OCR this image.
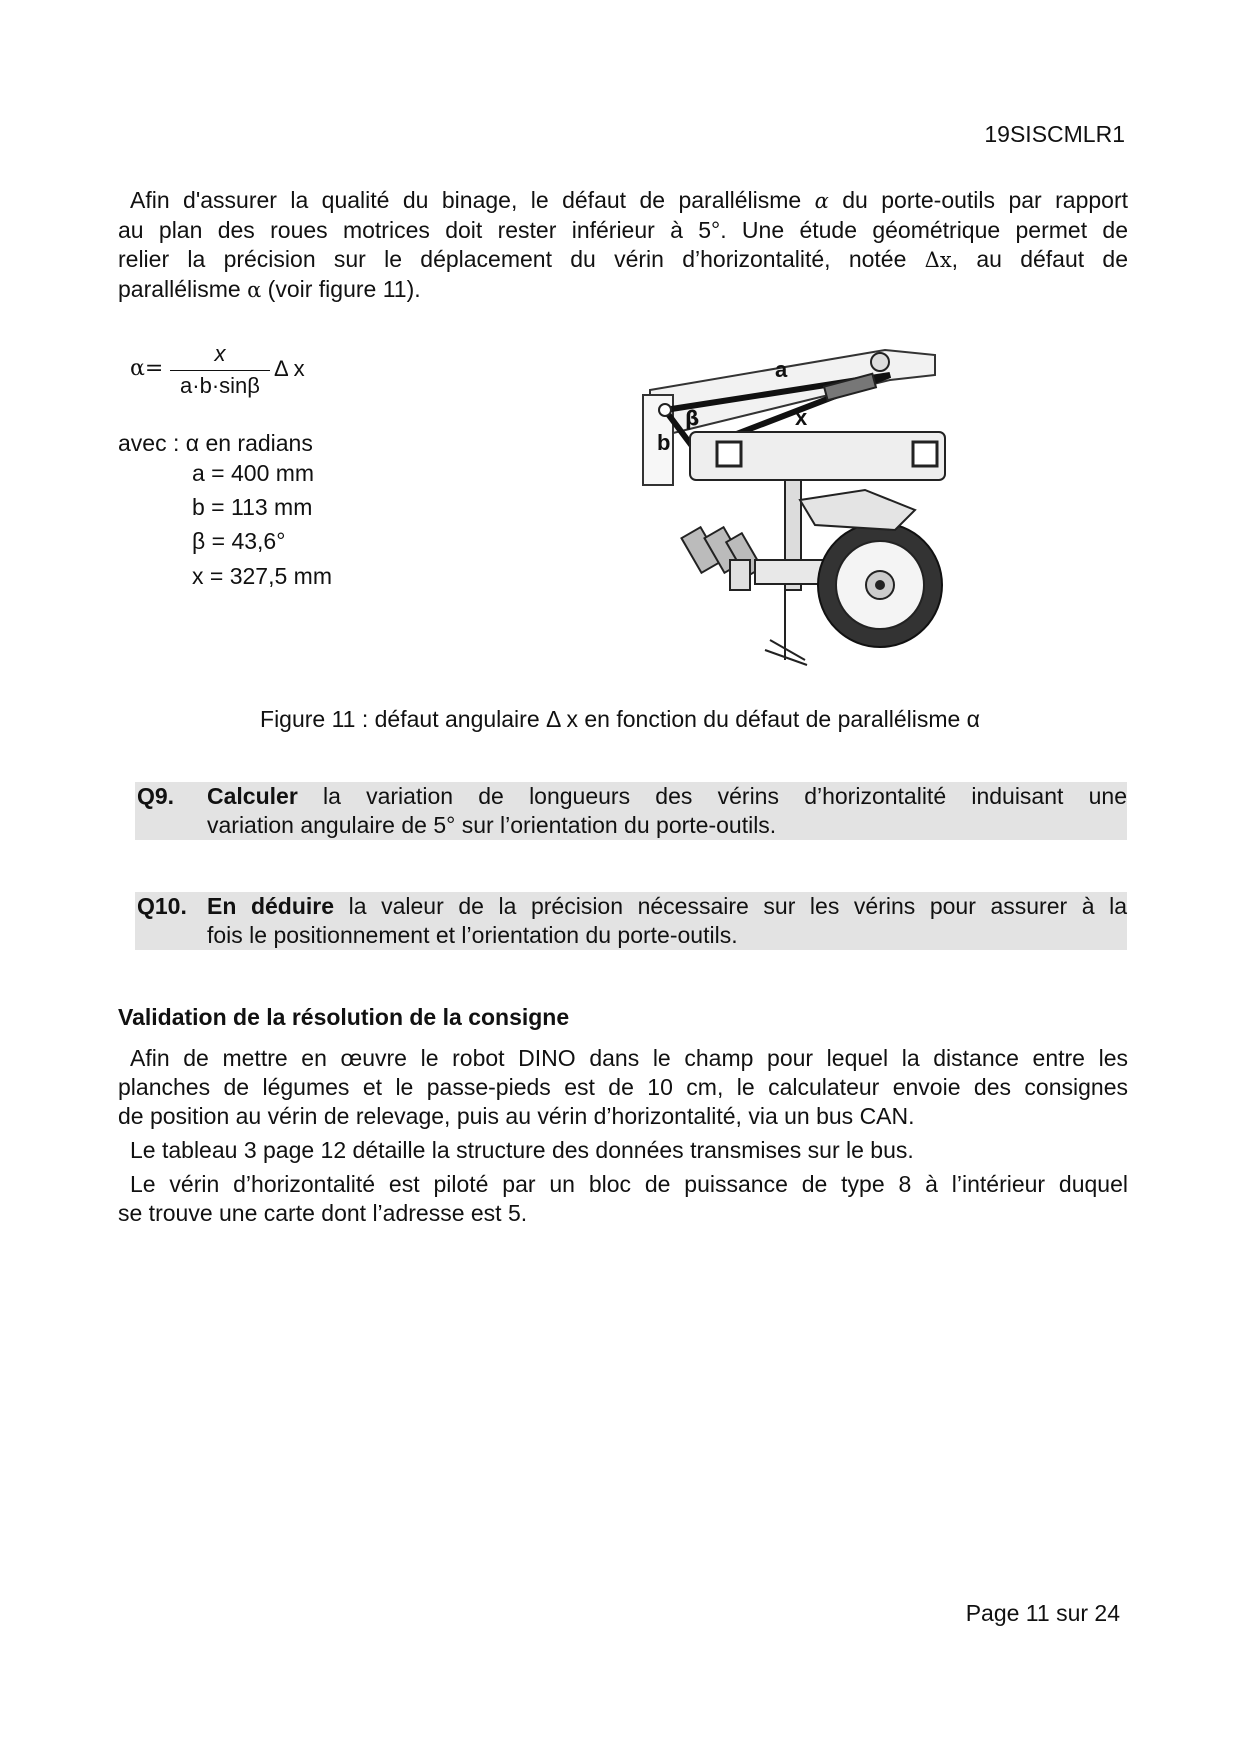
19SISCMLR1

Afin d'assurer la qualité du binage, le défaut de parallélisme α du porte-outils par rapport

au plan des roues motrices doit rester inférieur à 5°. Une étude géométrique permet de

relier la précision sur le déplacement du vérin d’horizontalité, notée Δx, au défaut de

parallélisme α (voir figure 11).

α=
x
a·b·sinβ
Δ x
avec : α en radians
a = 400 mm
b = 113 mm
β = 43,6°
x = 327,5 mm
a
β
b
x
Figure 11 : défaut angulaire Δ x en fonction du défaut de parallélisme α
Q9. Calculer la variation de longueurs des vérins d’horizontalité induisant une
variation angulaire de 5° sur l’orientation du porte-outils.
Q10. En déduire la valeur de la précision nécessaire sur les vérins pour assurer à la
fois le positionnement et l’orientation du porte-outils.
Validation de la résolution de la consigne

Afin de mettre en œuvre le robot DINO dans le champ pour lequel la distance entre les

planches de légumes et le passe-pieds est de 10 cm, le calculateur envoie des consignes

de position au vérin de relevage, puis au vérin d’horizontalité, via un bus CAN.

Le tableau 3 page 12 détaille la structure des données transmises sur le bus.

Le vérin d’horizontalité est piloté par un bloc de puissance de type 8 à l’intérieur duquel

se trouve une carte dont l’adresse est 5.

Page 11 sur 24
